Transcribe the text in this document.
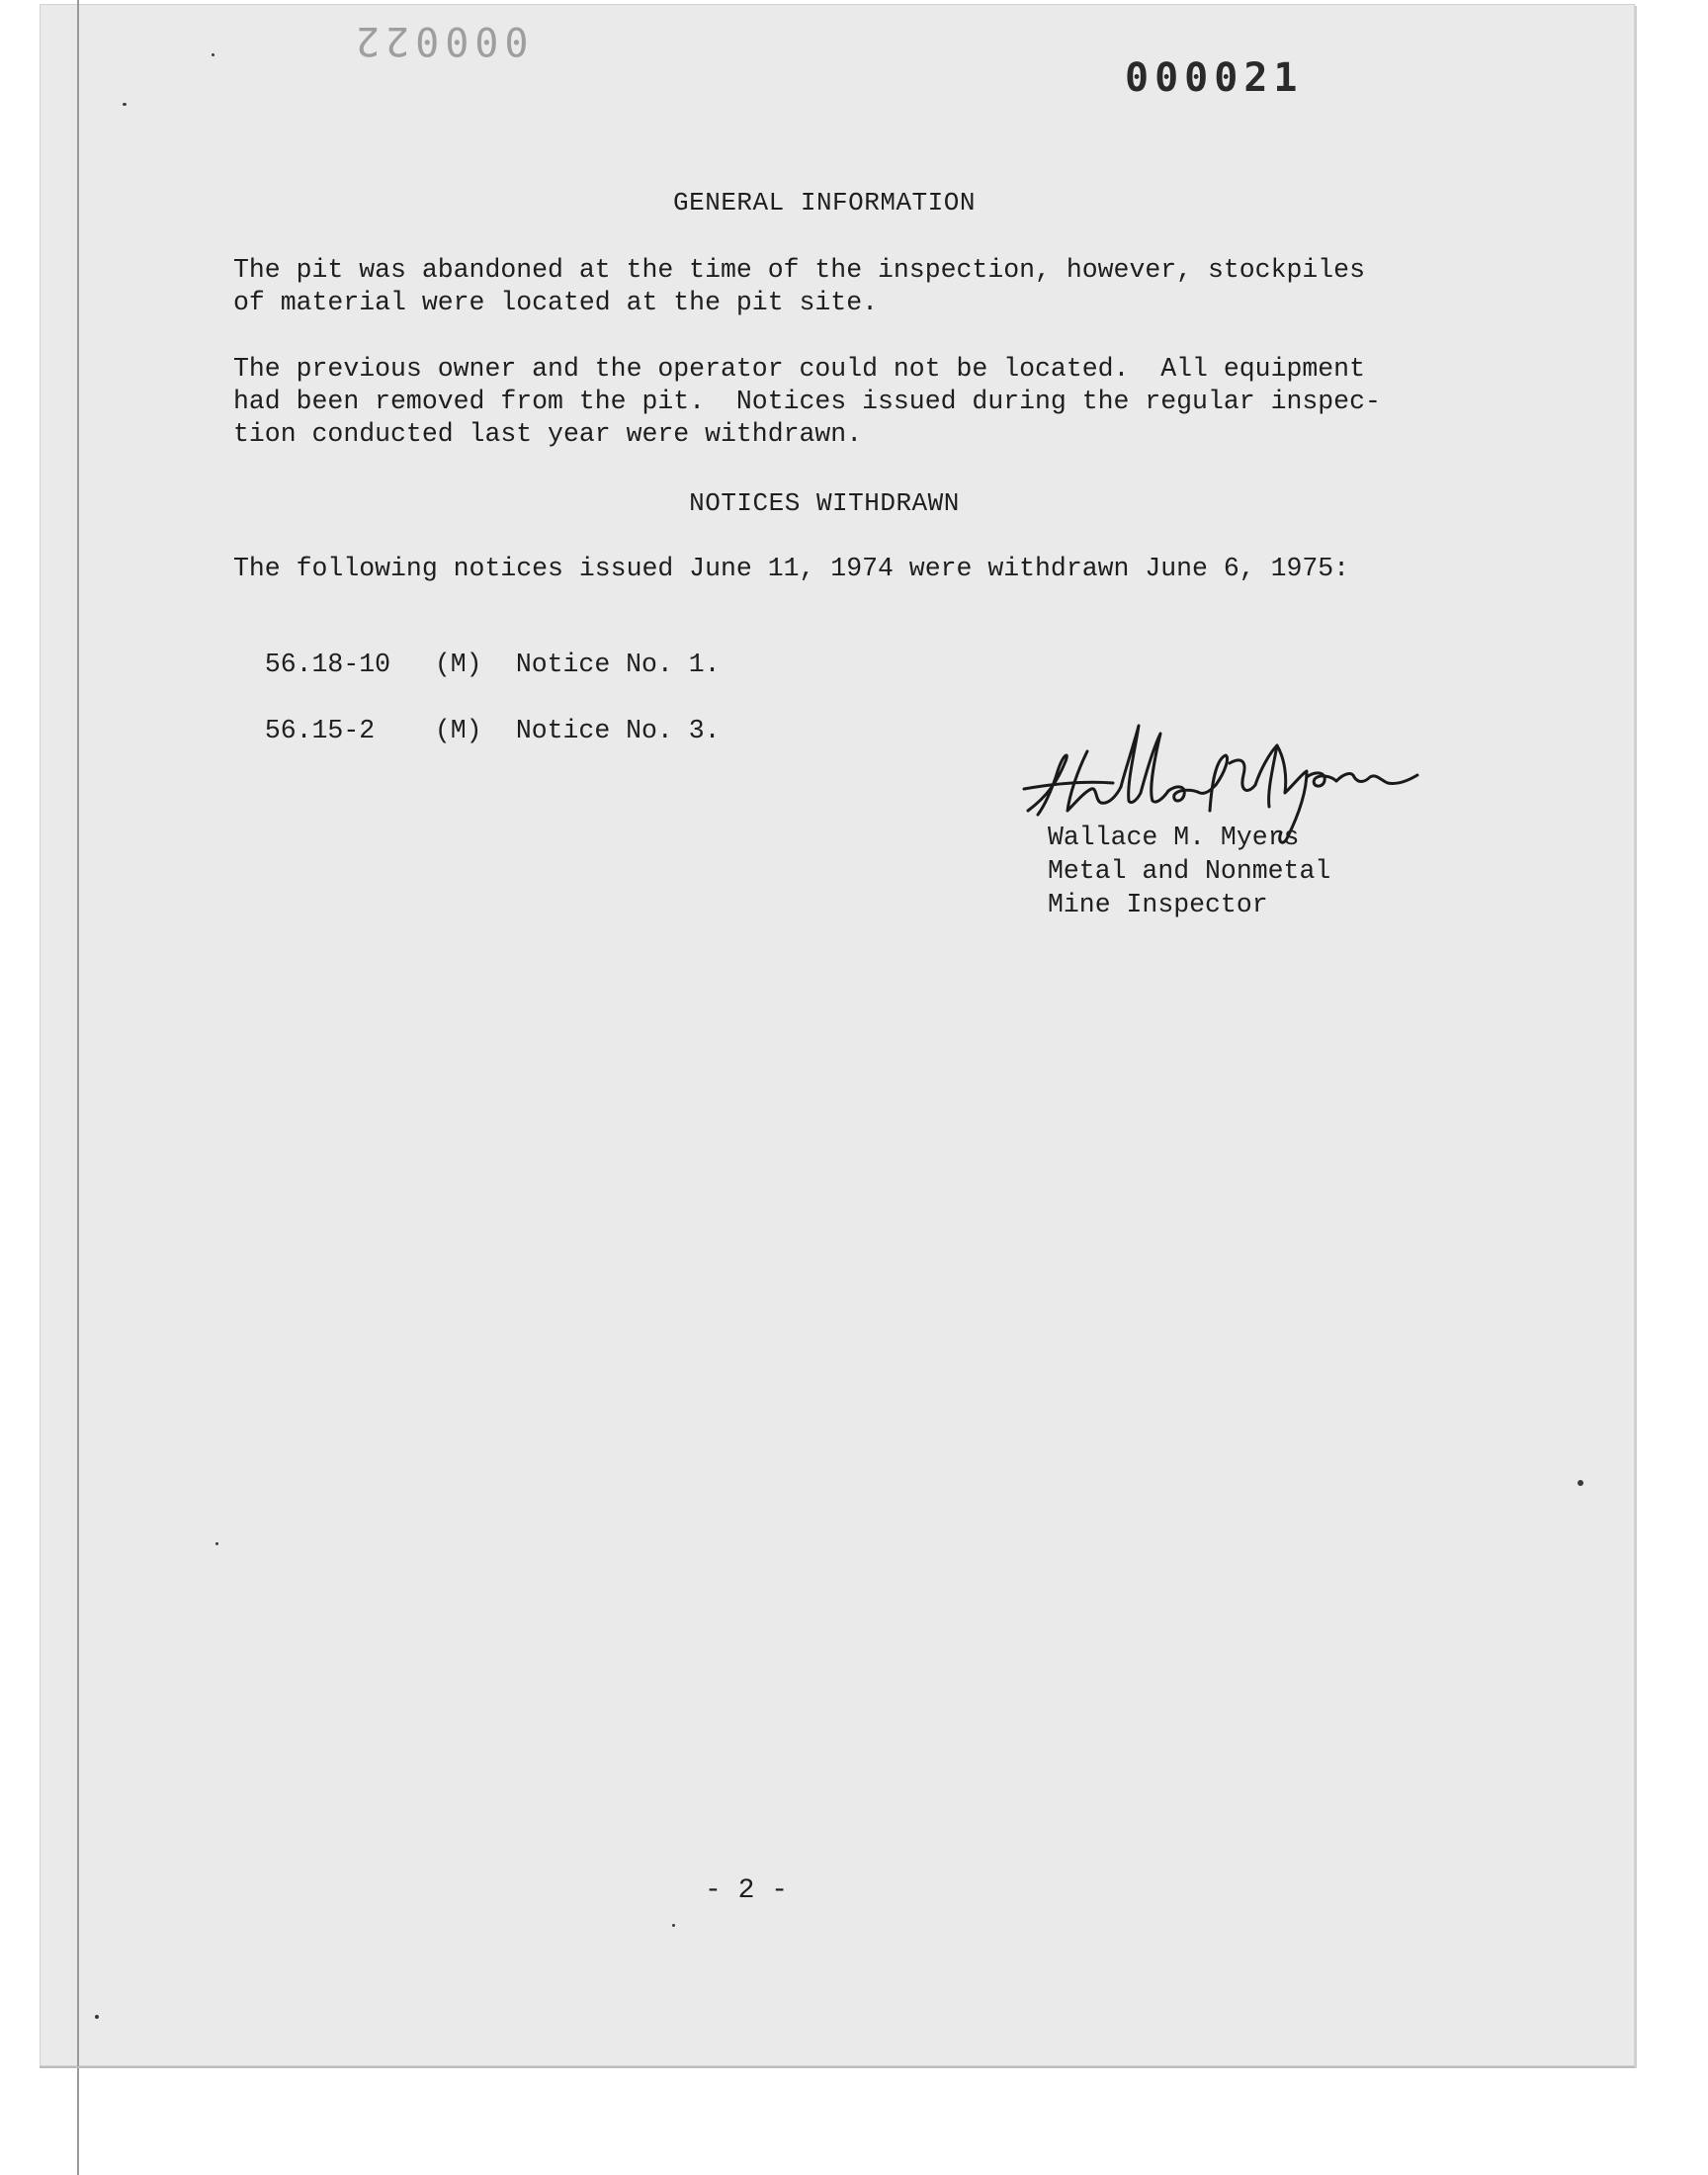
000022
000021
GENERAL INFORMATION

The pit was abandoned at the time of the inspection, however, stockpiles
of material were located at the pit site.

The previous owner and the operator could not be located.  All equipment
had been removed from the pit.  Notices issued during the regular inspec-
tion conducted last year were withdrawn.

NOTICES WITHDRAWN

The following notices issued June 11, 1974 were withdrawn June 6, 1975:

56.18-10 (M) Notice No. 1.

56.15-2 (M) Notice No. 3.

Wallace M. Myers
Metal and Nonmetal
Mine Inspector
- 2 -
